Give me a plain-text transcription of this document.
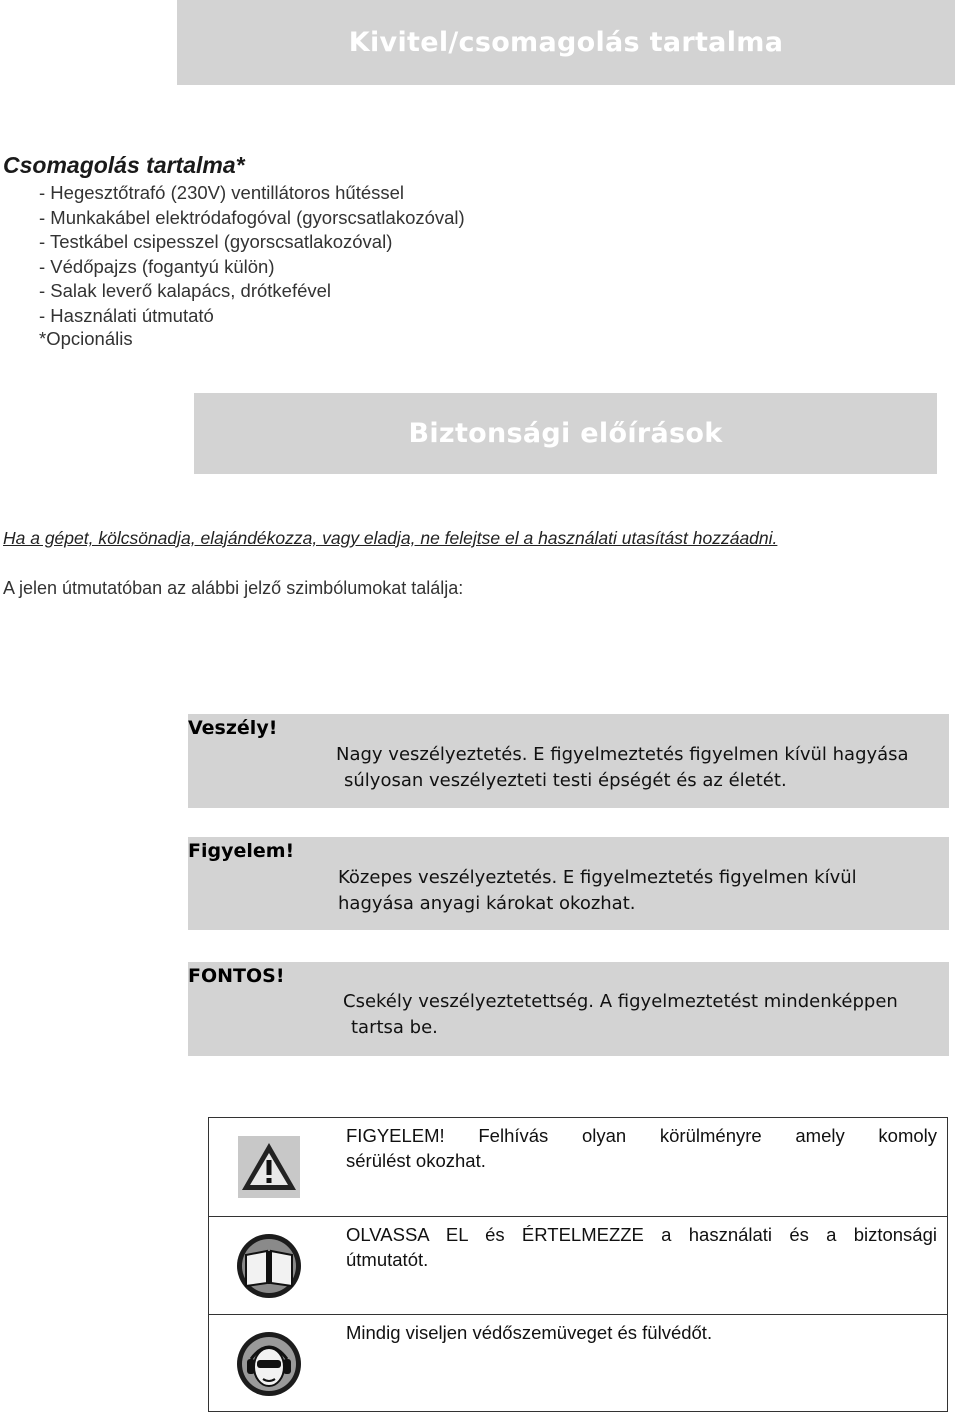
Kivitel/csomagolás tartalma
Csomagolás tartalma*
- Hegesztőtrafó (230V) ventillátoros hűtéssel
- Munkakábel elektródafogóval (gyorscsatlakozóval)
- Testkábel csipesszel (gyorscsatlakozóval)
- Védőpajzs (fogantyú külön)
- Salak leverő kalapács, drótkefével
- Használati útmutató
*Opcionális
Biztonsági előírások
Ha a gépet, kölcsönadja, elajándékozza, vagy eladja, ne felejtse el a használati utasítást hozzáadni.
A jelen útmutatóban az alábbi jelző szimbólumokat találja:
Veszély!
Nagy veszélyeztetés. E figyelmeztetés figyelmen kívül hagyása
súlyosan veszélyezteti testi épségét és az életét.
Figyelem!
Közepes veszélyeztetés. E figyelmeztetés figyelmen kívül
hagyása anyagi károkat okozhat.
FONTOS!
Csekély veszélyeztetettség. A figyelmeztetést mindenképpen
tartsa be.
FIGYELEM! Felhívás olyan körülményre amely komoly
sérülést okozhat.
OLVASSA EL és ÉRTELMEZZE a használati és a biztonsági
útmutatót.
Mindig viseljen védőszemüveget és fülvédőt.
